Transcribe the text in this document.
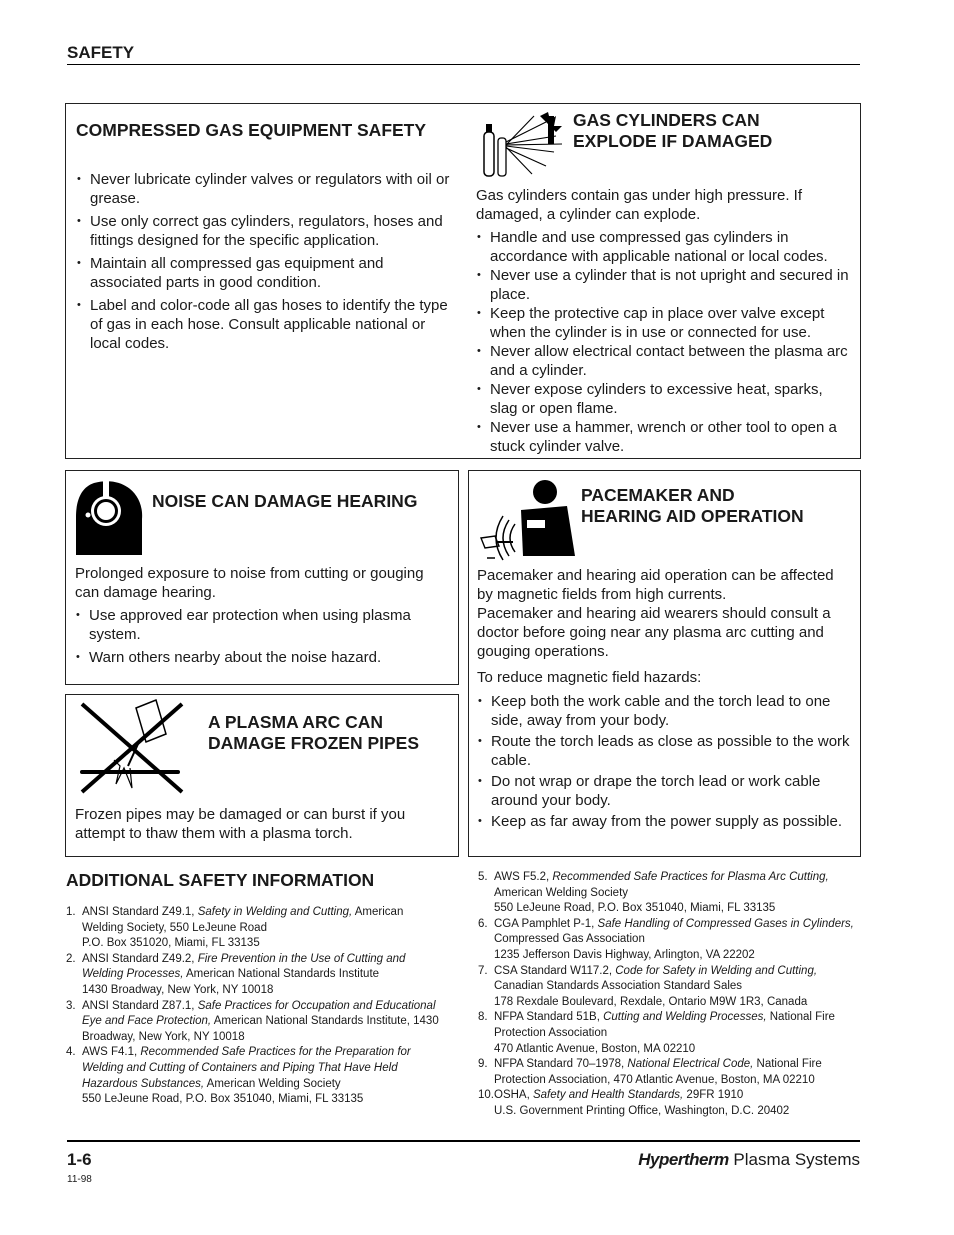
SAFETY
COMPRESSED GAS EQUIPMENT SAFETY
• Never lubricate cylinder valves or regulators with oil or grease.
• Use only correct gas cylinders, regulators, hoses and fittings designed for the specific application.
• Maintain all compressed gas equipment and associated parts in good condition.
• Label and color-code all gas hoses to identify the type of gas in each hose. Consult applicable national or local codes.
GAS CYLINDERS CAN
EXPLODE IF DAMAGED
Gas cylinders contain gas under high pressure. If damaged, a cylinder can explode.
• Handle and use compressed gas cylinders in accordance with applicable national or local codes.
• Never use a cylinder that is not upright and secured in place.
• Keep the protective cap in place over valve except when the cylinder is in use or connected for use.
• Never allow electrical contact between the plasma arc and a cylinder.
• Never expose cylinders to excessive heat, sparks, slag or open flame.
• Never use a hammer, wrench or other tool to open a stuck cylinder valve.
NOISE CAN DAMAGE HEARING
Prolonged exposure to noise from cutting or gouging can damage hearing.
• Use approved ear protection when using plasma system.
• Warn others nearby about the noise hazard.
A PLASMA ARC CAN
DAMAGE FROZEN PIPES
Frozen pipes may be damaged or can burst if you attempt to thaw them with a plasma torch.
PACEMAKER AND
HEARING AID OPERATION
Pacemaker and hearing aid operation can be affected by magnetic fields from high currents.
Pacemaker and hearing aid wearers should consult a doctor before going near any plasma arc cutting and gouging operations.
To reduce magnetic field hazards:
• Keep both the work cable and the torch lead to one side, away from your body.
• Route the torch leads as close as possible to the work cable.
• Do not wrap or drape the torch lead or work cable around your body.
• Keep as far away from the power supply as possible.
ADDITIONAL SAFETY INFORMATION
1. ANSI Standard Z49.1, Safety in Welding and Cutting, American Welding Society, 550 LeJeune Road
P.O. Box 351020, Miami, FL 33135
2. ANSI Standard Z49.2, Fire Prevention in the Use of Cutting and Welding Processes, American National Standards Institute
1430 Broadway, New York, NY 10018
3. ANSI Standard Z87.1, Safe Practices for Occupation and Educational Eye and Face Protection, American National Standards Institute, 1430 Broadway, New York, NY 10018
4. AWS F4.1, Recommended Safe Practices for the Preparation for Welding and Cutting of Containers and Piping That Have Held Hazardous Substances, American Welding Society
550 LeJeune Road, P.O. Box 351040, Miami, FL 33135
5. AWS F5.2, Recommended Safe Practices for Plasma Arc Cutting, American Welding Society
550 LeJeune Road, P.O. Box 351040, Miami, FL 33135
6. CGA Pamphlet P-1, Safe Handling of Compressed Gases in Cylinders, Compressed Gas Association
1235 Jefferson Davis Highway, Arlington, VA 22202
7. CSA Standard W117.2, Code for Safety in Welding and Cutting, Canadian Standards Association Standard Sales
178 Rexdale Boulevard, Rexdale, Ontario M9W 1R3, Canada
8. NFPA Standard 51B, Cutting and Welding Processes, National Fire Protection Association
470 Atlantic Avenue, Boston, MA 02210
9. NFPA Standard 70–1978, National Electrical Code, National Fire Protection Association, 470 Atlantic Avenue, Boston, MA 02210
10. OSHA, Safety and Health Standards, 29FR 1910
U.S. Government Printing Office, Washington, D.C. 20402
1-6
11-98
Hypertherm Plasma Systems
